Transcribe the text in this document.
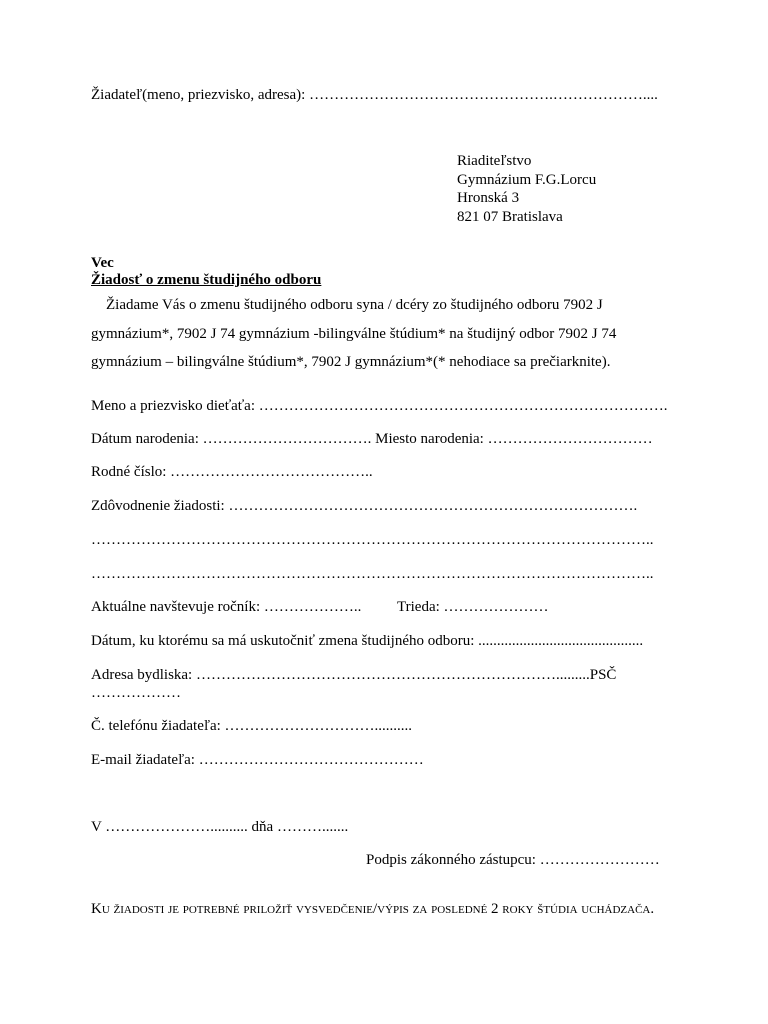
Žiadateľ(meno, priezvisko, adresa): ………………………………………….………………....
Riaditeľstvo
Gymnázium F.G.Lorcu
Hronská 3
821 07 Bratislava
Vec
Žiadosť o zmenu študijného odboru
Žiadame Vás o zmenu študijného odboru syna / dcéry zo študijného odboru 7902 J
gymnázium*, 7902 J 74 gymnázium -bilingválne štúdium* na študijný odbor 7902 J 74
gymnázium – bilingválne štúdium*, 7902 J gymnázium*(* nehodiace sa prečiarknite).
Meno a priezvisko dieťaťa: ……………………………………………………………………….
Dátum narodenia: ……………………………. Miesto narodenia: ……………………………
Rodné číslo: …………………………………..
Zdôvodnenie žiadosti: ……………………………………………………………………….
…………………………………………………………………………………………………..
…………………………………………………………………………………………………..
Aktuálne navštevuje ročník: ……………….. Trieda: …………………
Dátum, ku ktorému sa má uskutočniť zmena študijného odboru: ............................................
Adresa bydliska: ……………………………………………………………….........PSČ
………………
Č. telefónu žiadateľa: …………………………..........
E-mail žiadateľa: ………………………………………
V ………………….......... dňa ……….......
Podpis zákonného zástupcu: ……………………
Ku žiadosti je potrebné priložiť vysvedčenie/výpis za posledné 2 roky štúdia uchádzača.
